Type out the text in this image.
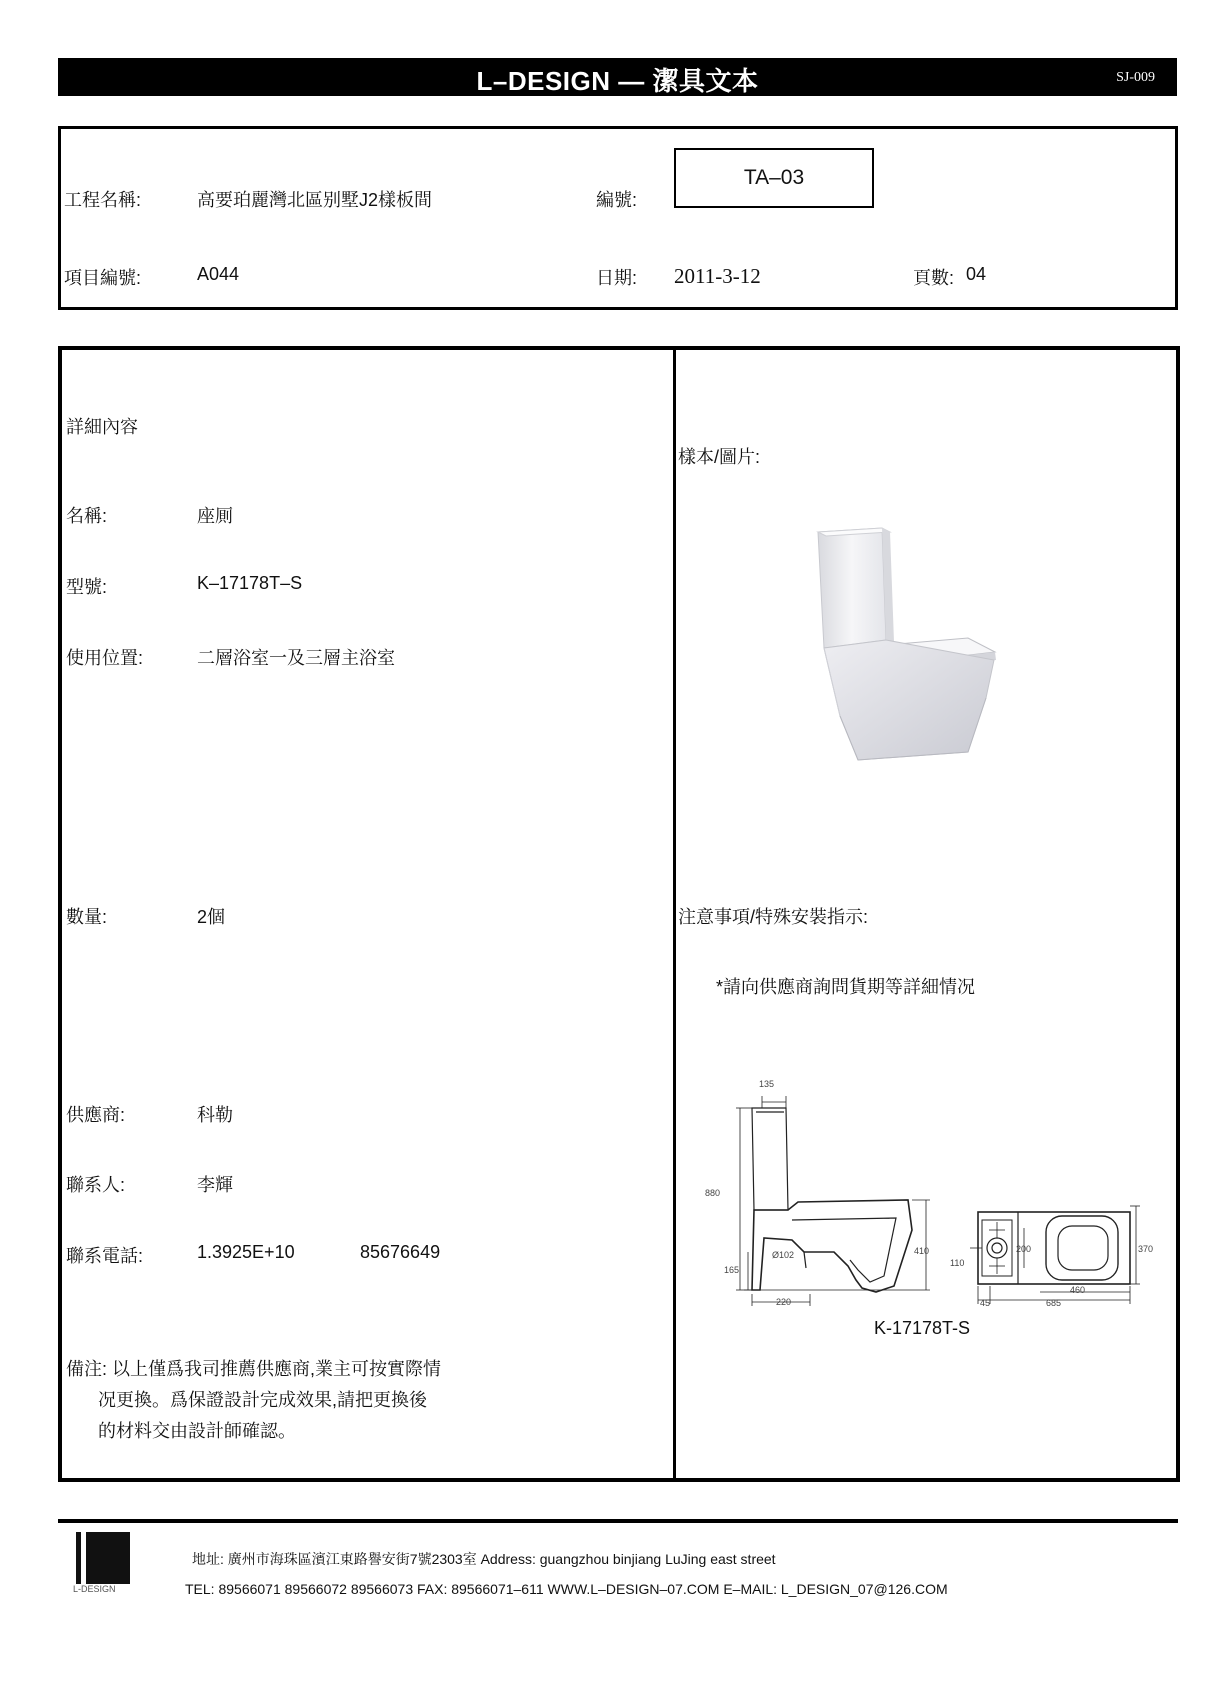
L–DESIGN — 潔具文本	SJ-009
工程名稱:	高要珀麗灣北區别墅J2樣板間	編號:
TA–03
項目編號:	A044	日期: 2011-3-12	頁數: 04
詳細內容
名稱:	座厠
型號:	K–17178T–S
使用位置:	二層浴室一及三層主浴室
數量:	2個
供應商:	科勒
聯系人:	李輝
聯系電話:	1.3925E+10	85676649
備注: 以上僅爲我司推薦供應商,業主可按實際情
况更換。爲保證設計完成效果,請把更換後
的材料交由設計師確認。
樣本/圖片:
注意事項/特殊安裝指示:
*請向供應商詢問貨期等詳細情况
135
880
165
220
Ø102	410
110
200	370
460
45	685
K-17178T-S
L-DESIGN
地址: 廣州市海珠區濱江東路譽安街7號2303室 Address: guangzhou binjiang LuJing east street
TEL: 89566071 89566072 89566073 FAX: 89566071–611 WWW.L–DESIGN–07.COM E–MAIL: L_DESIGN_07@126.COM
